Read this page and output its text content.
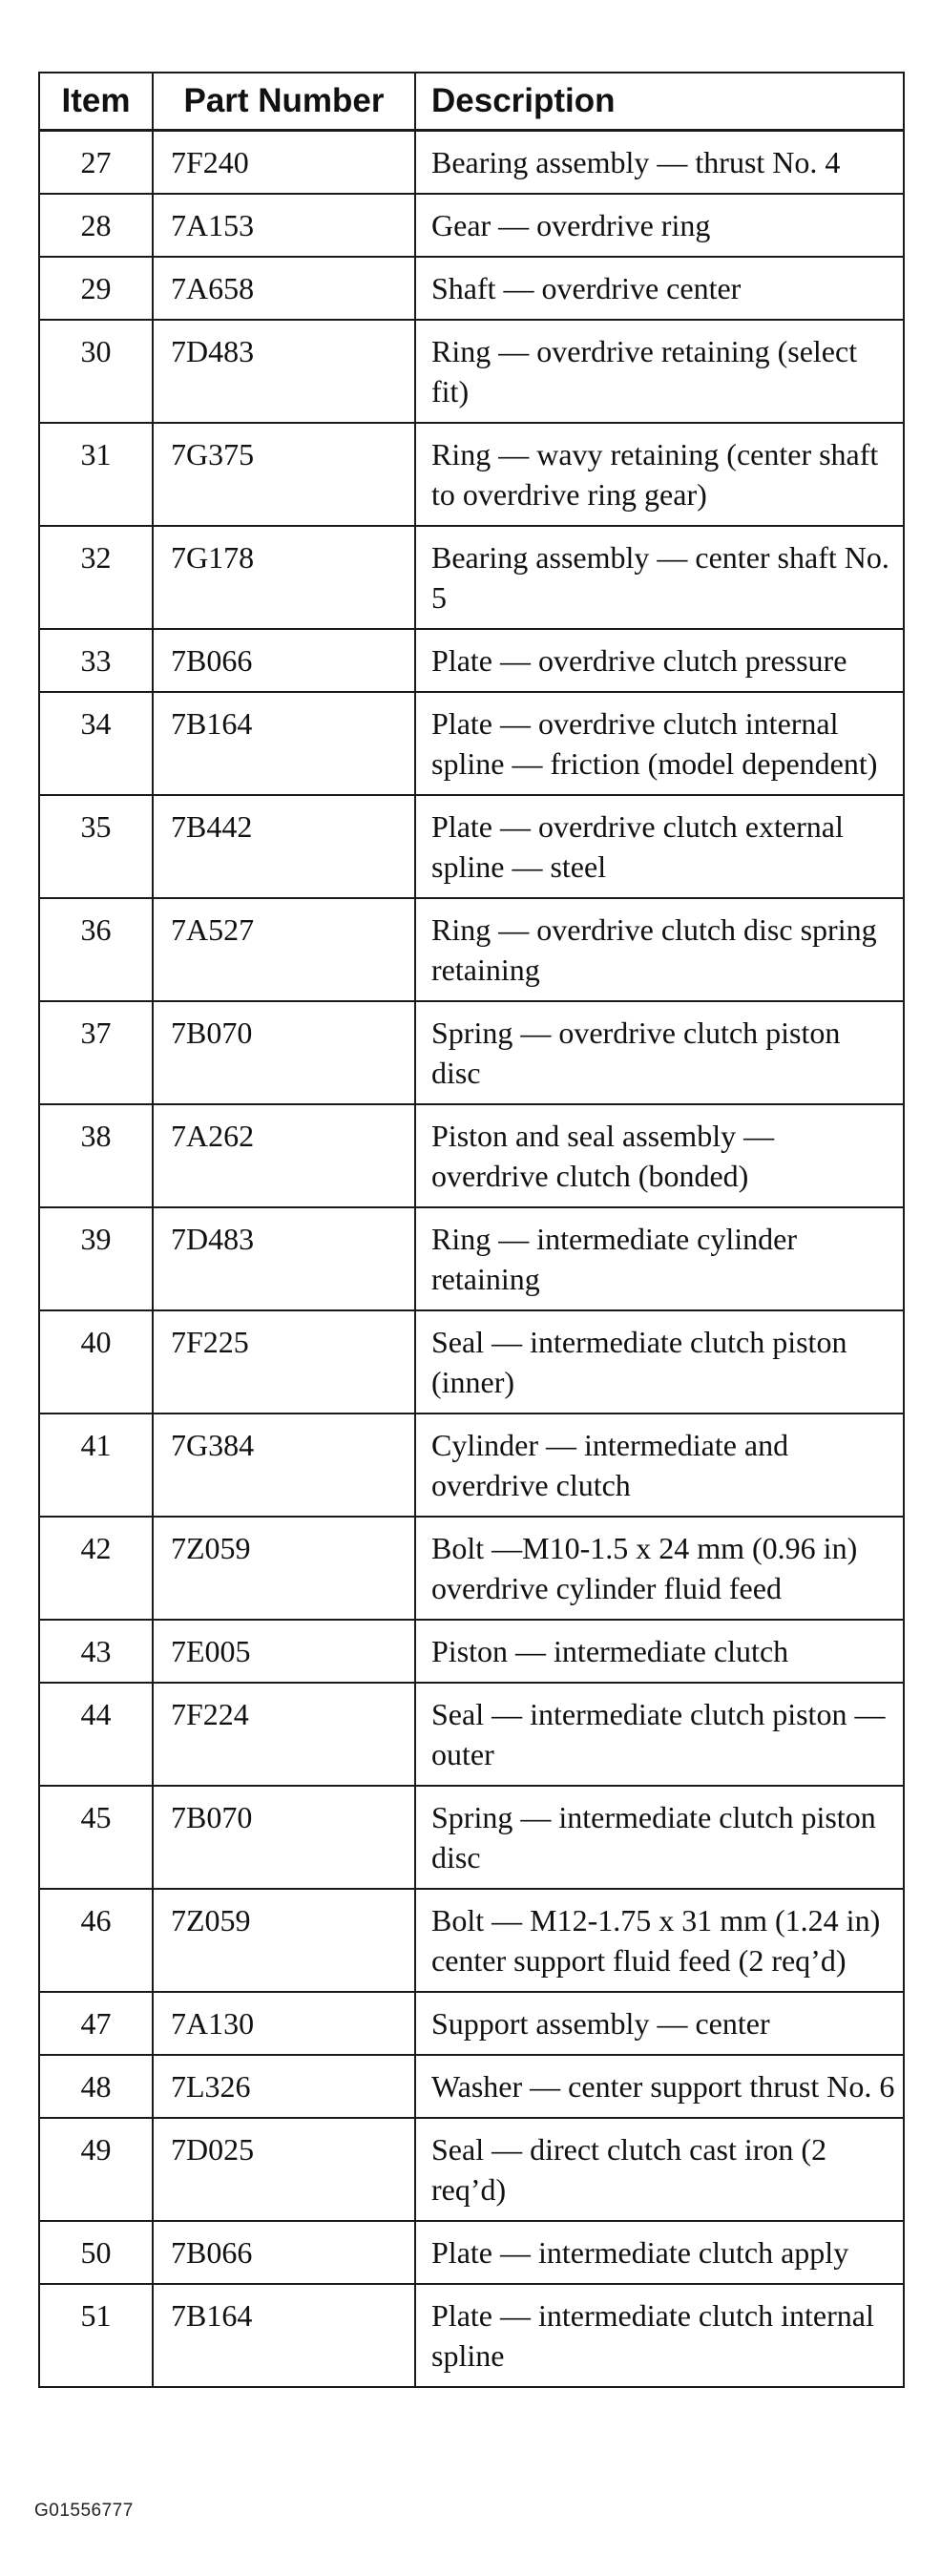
Item	Part Number	Description
27	7F240	Bearing assembly — thrust No. 4
28	7A153	Gear — overdrive ring
29	7A658	Shaft — overdrive center
30	7D483	Ring — overdrive retaining (select fit)
31	7G375	Ring — wavy retaining (center shaft to overdrive ring gear)
32	7G178	Bearing assembly — center shaft No. 5
33	7B066	Plate — overdrive clutch pressure
34	7B164	Plate — overdrive clutch internal spline — friction (model dependent)
35	7B442	Plate — overdrive clutch external spline — steel
36	7A527	Ring — overdrive clutch disc spring retaining
37	7B070	Spring — overdrive clutch piston disc
38	7A262	Piston and seal assembly — overdrive clutch (bonded)
39	7D483	Ring — intermediate cylinder retaining
40	7F225	Seal — intermediate clutch piston (inner)
41	7G384	Cylinder — intermediate and overdrive clutch
42	7Z059	Bolt —M10-1.5 x 24 mm (0.96 in) overdrive cylinder fluid feed
43	7E005	Piston — intermediate clutch
44	7F224	Seal — intermediate clutch piston — outer
45	7B070	Spring — intermediate clutch piston disc
46	7Z059	Bolt — M12-1.75 x 31 mm (1.24 in) center support fluid feed (2 req’d)
47	7A130	Support assembly — center
48	7L326	Washer — center support thrust No. 6
49	7D025	Seal — direct clutch cast iron (2 req’d)
50	7B066	Plate — intermediate clutch apply
51	7B164	Plate — intermediate clutch internal spline
G01556777
